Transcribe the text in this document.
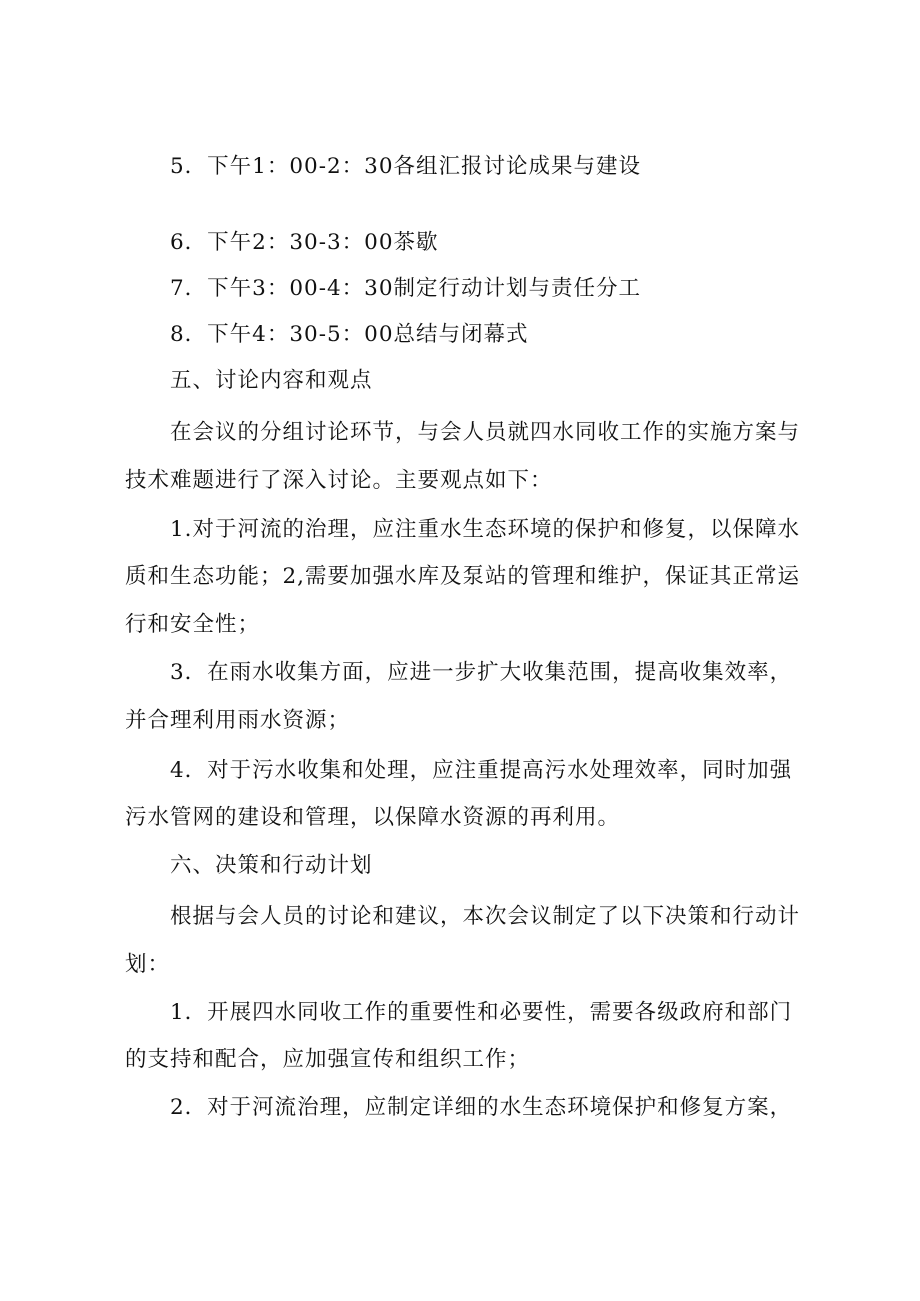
5．下午1：00-2：30各组汇报讨论成果与建设
6．下午2：30-3：00茶歇
7．下午3：00-4：30制定行动计划与责任分工
8．下午4：30-5：00总结与闭幕式
五、讨论内容和观点
在会议的分组讨论环节，与会人员就四水同收工作的实施方案与
技术难题进行了深入讨论。主要观点如下：
1.对于河流的治理，应注重水生态环境的保护和修复，以保障水
质和生态功能；2,需要加强水库及泵站的管理和维护，保证其正常运
行和安全性；
3．在雨水收集方面，应进一步扩大收集范围，提高收集效率，
并合理利用雨水资源；
4．对于污水收集和处理，应注重提高污水处理效率，同时加强
污水管网的建设和管理，以保障水资源的再利用。
六、决策和行动计划
根据与会人员的讨论和建议，本次会议制定了以下决策和行动计
划：
1．开展四水同收工作的重要性和必要性，需要各级政府和部门
的支持和配合，应加强宣传和组织工作；
2．对于河流治理，应制定详细的水生态环境保护和修复方案，
